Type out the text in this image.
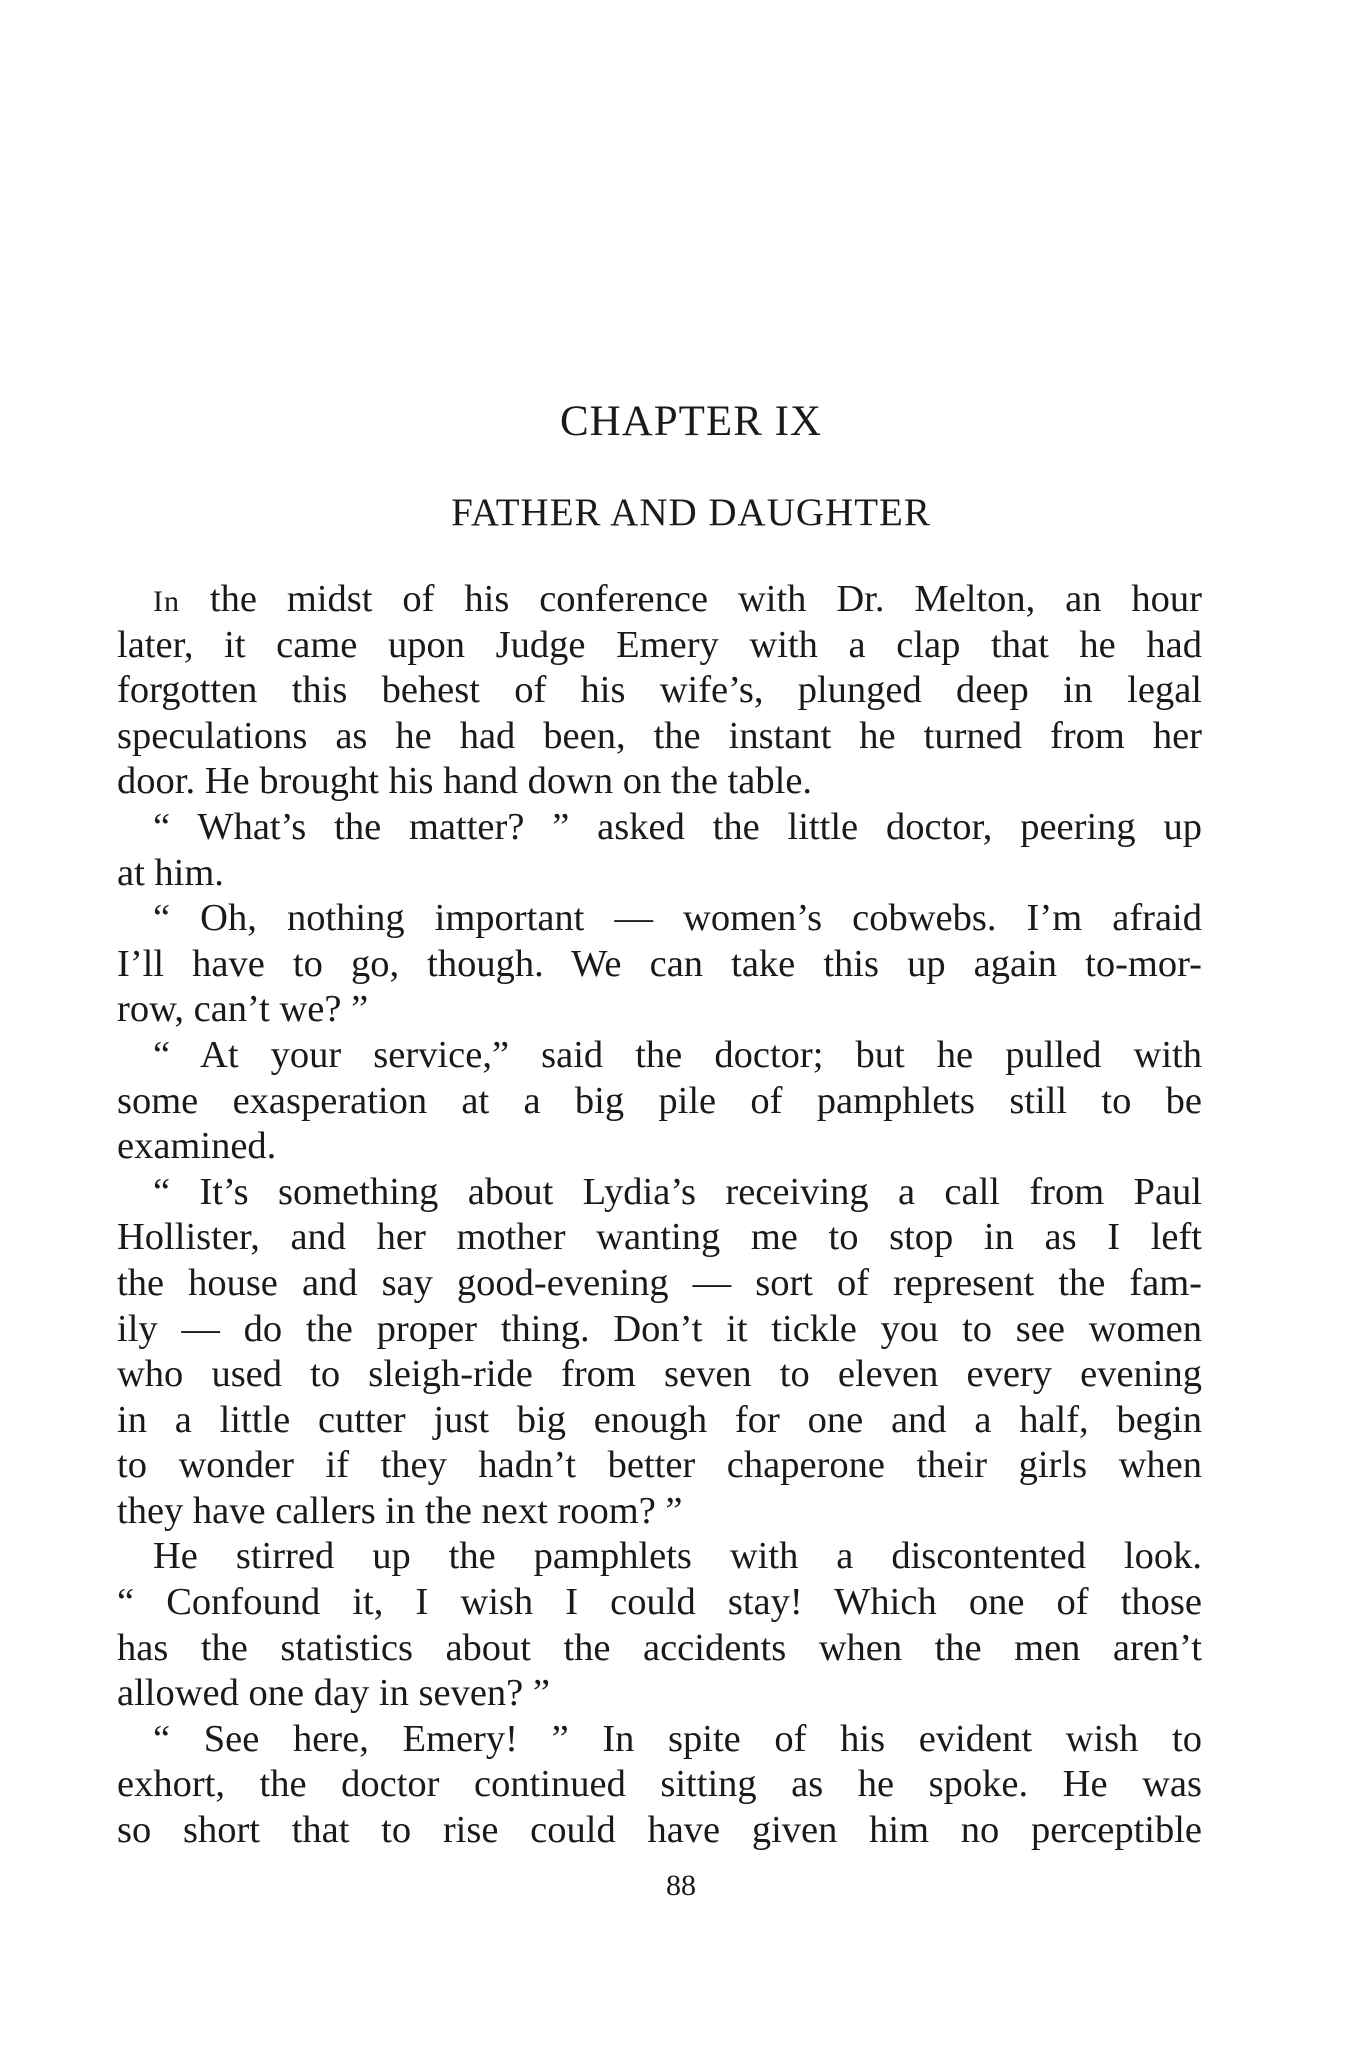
CHAPTER IX
FATHER AND DAUGHTER
In the midst of his conference with Dr. Melton, an hour
later, it came upon Judge Emery with a clap that he had
forgotten this behest of his wife’s, plunged deep in legal
speculations as he had been, the instant he turned from her
door. He brought his hand down on the table.
“ What’s the matter? ” asked the little doctor, peering up
at him.
“ Oh, nothing important — women’s cobwebs. I’m afraid
I’ll have to go, though. We can take this up again to-mor-
row, can’t we? ”
“ At your service,” said the doctor; but he pulled with
some exasperation at a big pile of pamphlets still to be
examined.
“ It’s something about Lydia’s receiving a call from Paul
Hollister, and her mother wanting me to stop in as I left
the house and say good-evening — sort of represent the fam-
ily — do the proper thing. Don’t it tickle you to see women
who used to sleigh-ride from seven to eleven every evening
in a little cutter just big enough for one and a half, begin
to wonder if they hadn’t better chaperone their girls when
they have callers in the next room? ”
He stirred up the pamphlets with a discontented look.
“ Confound it, I wish I could stay! Which one of those
has the statistics about the accidents when the men aren’t
allowed one day in seven? ”
“ See here, Emery! ” In spite of his evident wish to
exhort, the doctor continued sitting as he spoke. He was
so short that to rise could have given him no perceptible
88
